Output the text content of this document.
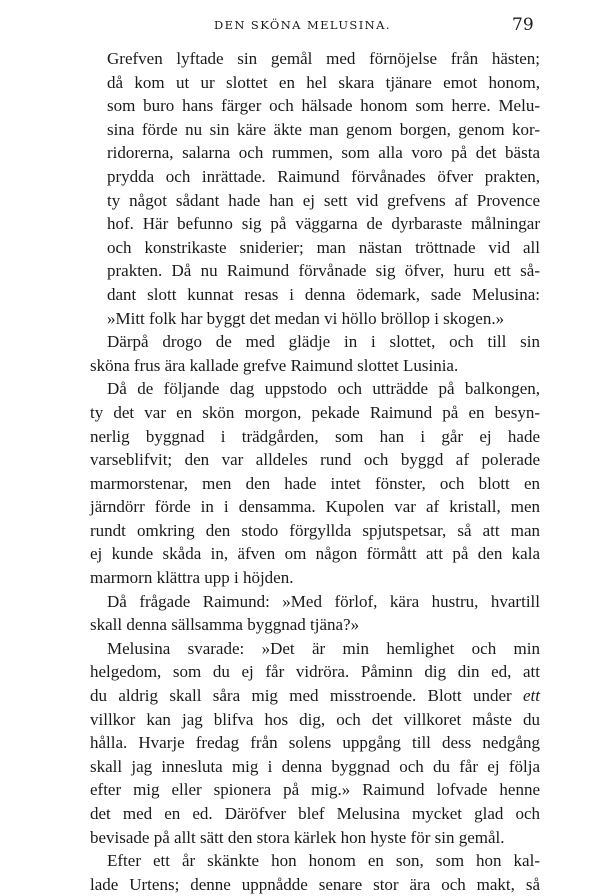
DEN SKÖNA MELUSINA.	79

Grefven lyftade sin gemål med förnöjelse från hästen;
då kom ut ur slottet en hel skara tjänare emot honom,
som buro hans färger och hälsade honom som herre. Melu-
sina förde nu sin käre äkte man genom borgen, genom kor-
ridorerna, salarna och rummen, som alla voro på det bästa
prydda och inrättade. Raimund förvånades öfver prakten,
ty något sådant hade han ej sett vid grefvens af Provence
hof. Här befunno sig på väggarna de dyrbaraste målningar
och konstrikaste sniderier; man nästan tröttnade vid all
prakten. Då nu Raimund förvånade sig öfver, huru ett så-
dant slott kunnat resas i denna ödemark, sade Melusina:
»Mitt folk har byggt det medan vi höllo bröllop i skogen.»

Därpå drogo de med glädje in i slottet, och till sin
sköna frus ära kallade grefve Raimund slottet Lusinia.

Då de följande dag uppstodo och utträdde på balkongen,
ty det var en skön morgon, pekade Raimund på en besyn-
nerlig byggnad i trädgården, som han i går ej hade
varseblifvit; den var alldeles rund och byggd af polerade
marmorstenar, men den hade intet fönster, och blott en
järndörr förde in i densamma. Kupolen var af kristall, men
rundt omkring den stodo förgyllda spjutspetsar, så att man
ej kunde skåda in, äfven om någon förmått att på den kala
marmorn klättra upp i höjden.

Då frågade Raimund: »Med förlof, kära hustru, hvartill
skall denna sällsamma byggnad tjäna?»

Melusina svarade: »Det är min hemlighet och min
helgedom, som du ej får vidröra. Påminn dig din ed, att
du aldrig skall såra mig med misstroende. Blott under ett
villkor kan jag blifva hos dig, och det villkoret måste du
hålla. Hvarje fredag från solens uppgång till dess nedgång
skall jag innesluta mig i denna byggnad och du får ej följa
efter mig eller spionera på mig.» Raimund lofvade henne
det med en ed. Däröfver blef Melusina mycket glad och
bevisade på allt sätt den stora kärlek hon hyste för sin gemål.

Efter ett år skänkte hon honom en son, som hon kal-
lade Urtens; denne uppnådde senare stor ära och makt, så
